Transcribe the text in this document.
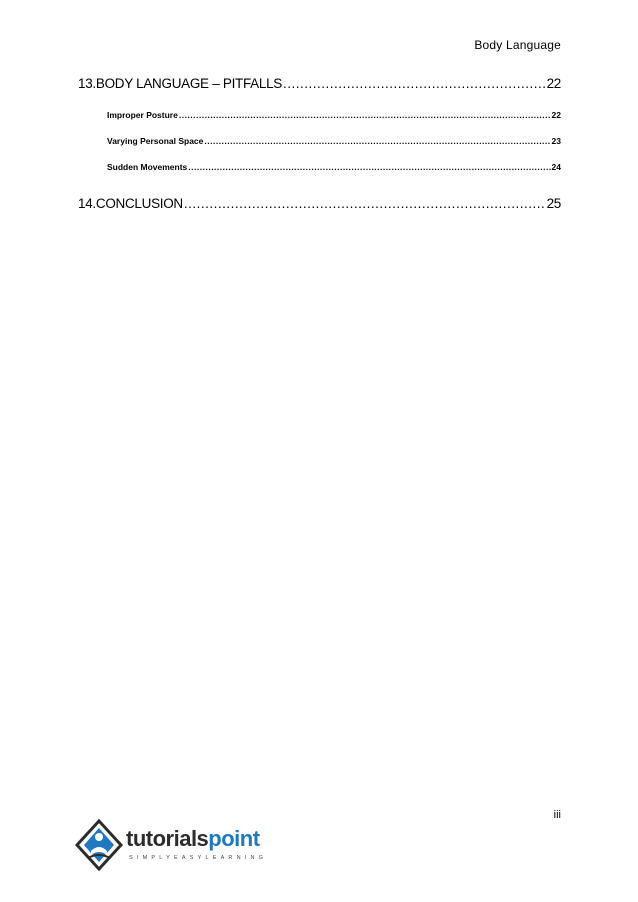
Body Language
13. BODY LANGUAGE – PITFALLS .....	22
Improper Posture .....	22
Varying Personal Space .....	23
Sudden Movements .....	24
14. CONCLUSION .....	25
iii
tutorialspoint
SIMPLYEASYLEARNING
